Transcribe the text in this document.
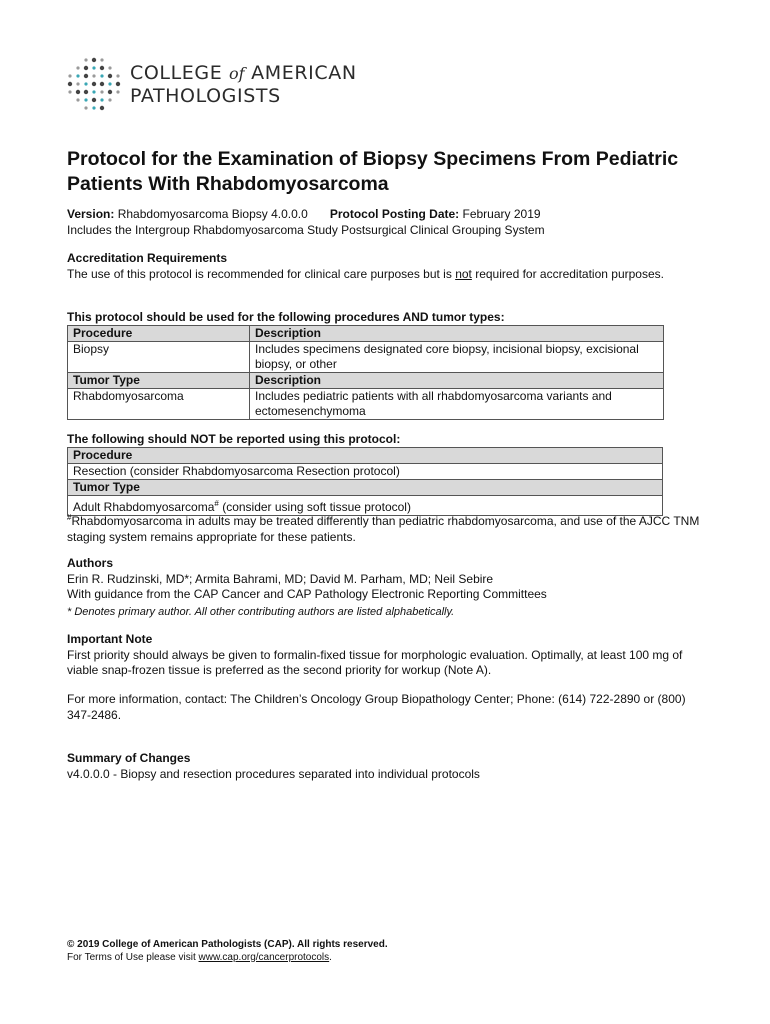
COLLEGE of AMERICAN
PATHOLOGISTS
Protocol for the Examination of Biopsy Specimens From Pediatric Patients With Rhabdomyosarcoma
Version: Rhabdomyosarcoma Biopsy 4.0.0.0 Protocol Posting Date: February 2019
Includes the Intergroup Rhabdomyosarcoma Study Postsurgical Clinical Grouping System
Accreditation Requirements
The use of this protocol is recommended for clinical care purposes but is not required for accreditation purposes.
This protocol should be used for the following procedures AND tumor types:
Procedure	Description
Biopsy	Includes specimens designated core biopsy, incisional biopsy, excisional biopsy, or other
Tumor Type	Description
Rhabdomyosarcoma	Includes pediatric patients with all rhabdomyosarcoma variants and ectomesenchymoma
The following should NOT be reported using this protocol:
Procedure
Resection (consider Rhabdomyosarcoma Resection protocol)
Tumor Type
Adult Rhabdomyosarcoma# (consider using soft tissue protocol)
#Rhabdomyosarcoma in adults may be treated differently than pediatric rhabdomyosarcoma, and use of the AJCC TNM staging system remains appropriate for these patients.
Authors
Erin R. Rudzinski, MD*; Armita Bahrami, MD; David M. Parham, MD; Neil Sebire
With guidance from the CAP Cancer and CAP Pathology Electronic Reporting Committees
* Denotes primary author. All other contributing authors are listed alphabetically.
Important Note
First priority should always be given to formalin-fixed tissue for morphologic evaluation. Optimally, at least 100 mg of viable snap-frozen tissue is preferred as the second priority for workup (Note A).
For more information, contact: The Children’s Oncology Group Biopathology Center; Phone: (614) 722-2890 or (800) 347-2486.
Summary of Changes
v4.0.0.0 - Biopsy and resection procedures separated into individual protocols
© 2019 College of American Pathologists (CAP). All rights reserved.
For Terms of Use please visit www.cap.org/cancerprotocols.
